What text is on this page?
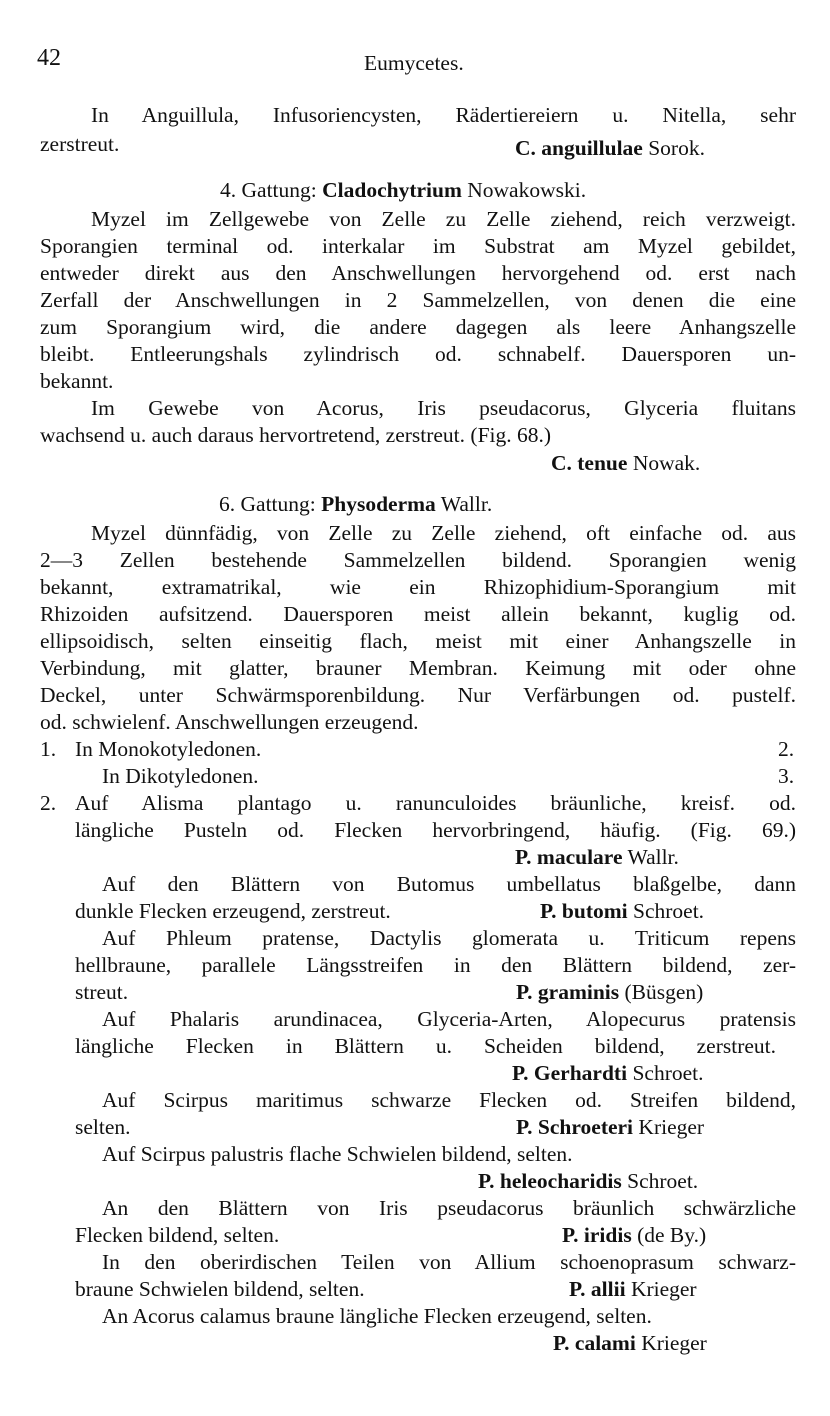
42	Eumycetes.
In Anguillula, Infusoriencysten, Rädertiereiern u. Nitella, sehr
zerstreut.	C. anguillulae Sorok.
4. Gattung: Cladochytrium Nowakowski.
Myzel im Zellgewebe von Zelle zu Zelle ziehend, reich verzweigt.
Sporangien terminal od. interkalar im Substrat am Myzel gebildet,
entweder direkt aus den Anschwellungen hervorgehend od. erst nach
Zerfall der Anschwellungen in 2 Sammelzellen, von denen die eine
zum Sporangium wird, die andere dagegen als leere Anhangszelle
bleibt. Entleerungshals zylindrisch od. schnabelf. Dauersporen un-
bekannt.
Im Gewebe von Acorus, Iris pseudacorus, Glyceria fluitans
wachsend u. auch daraus hervortretend, zerstreut. (Fig. 68.)
C. tenue Nowak.
6. Gattung: Physoderma Wallr.
Myzel dünnfädig, von Zelle zu Zelle ziehend, oft einfache od. aus
2—3 Zellen bestehende Sammelzellen bildend. Sporangien wenig
bekannt, extramatrikal, wie ein Rhizophidium-Sporangium mit
Rhizoiden aufsitzend. Dauersporen meist allein bekannt, kuglig od.
ellipsoidisch, selten einseitig flach, meist mit einer Anhangszelle in
Verbindung, mit glatter, brauner Membran. Keimung mit oder ohne
Deckel, unter Schwärmsporenbildung. Nur Verfärbungen od. pustelf.
od. schwielenf. Anschwellungen erzeugend.
1. In Monokotyledonen.	2.
In Dikotyledonen.	3.
2. Auf Alisma plantago u. ranunculoides bräunliche, kreisf. od.
längliche Pusteln od. Flecken hervorbringend, häufig. (Fig. 69.)
P. maculare Wallr.
Auf den Blättern von Butomus umbellatus blaßgelbe, dann
dunkle Flecken erzeugend, zerstreut.	P. butomi Schroet.
Auf Phleum pratense, Dactylis glomerata u. Triticum repens
hellbraune, parallele Längsstreifen in den Blättern bildend, zer-
streut.	P. graminis (Büsgen)
Auf Phalaris arundinacea, Glyceria-Arten, Alopecurus pratensis
längliche Flecken in Blättern u. Scheiden bildend, zerstreut.
P. Gerhardti Schroet.
Auf Scirpus maritimus schwarze Flecken od. Streifen bildend,
selten.	P. Schroeteri Krieger
Auf Scirpus palustris flache Schwielen bildend, selten.
P. heleocharidis Schroet.
An den Blättern von Iris pseudacorus bräunlich schwärzliche
Flecken bildend, selten.	P. iridis (de By.)
In den oberirdischen Teilen von Allium schoenoprasum schwarz-
braune Schwielen bildend, selten.	P. allii Krieger
An Acorus calamus braune längliche Flecken erzeugend, selten.
P. calami Krieger
